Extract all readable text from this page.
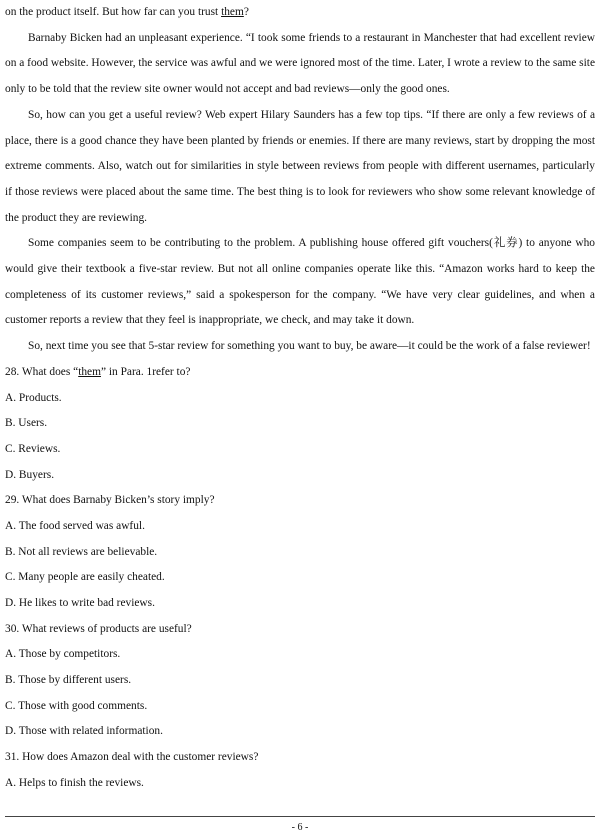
on the product itself. But how far can you trust them?

Barnaby Bicken had an unpleasant experience. “I took some friends to a restaurant in Manchester that had excellent review on a food website. However, the service was awful and we were ignored most of the time. Later, I wrote a review to the same site only to be told that the review site owner would not accept and bad reviews—only the good ones.

So, how can you get a useful review? Web expert Hilary Saunders has a few top tips. “If there are only a few reviews of a place, there is a good chance they have been planted by friends or enemies. If there are many reviews, start by dropping the most extreme comments. Also, watch out for similarities in style between reviews from people with different usernames, particularly if those reviews were placed about the same time. The best thing is to look for reviewers who show some relevant knowledge of the product they are reviewing.

Some companies seem to be contributing to the problem. A publishing house offered gift vouchers(礼券) to anyone who would give their textbook a five-star review. But not all online companies operate like this. “Amazon works hard to keep the completeness of its customer reviews,” said a spokesperson for the company. “We have very clear guidelines, and when a customer reports a review that they feel is inappropriate, we check, and may take it down.

So, next time you see that 5-star review for something you want to buy, be aware—it could be the work of a false reviewer!

28. What does “them” in Para. 1refer to?
A. Products.
B. Users.
C. Reviews.
D. Buyers.
29. What does Barnaby Bicken’s story imply?
A. The food served was awful.
B. Not all reviews are believable.
C. Many people are easily cheated.
D. He likes to write bad reviews.
30. What reviews of products are useful?
A. Those by competitors.
B. Those by different users.
C. Those with good comments.
D. Those with related information.
31. How does Amazon deal with the customer reviews?
A. Helps to finish the reviews.
- 6 -
